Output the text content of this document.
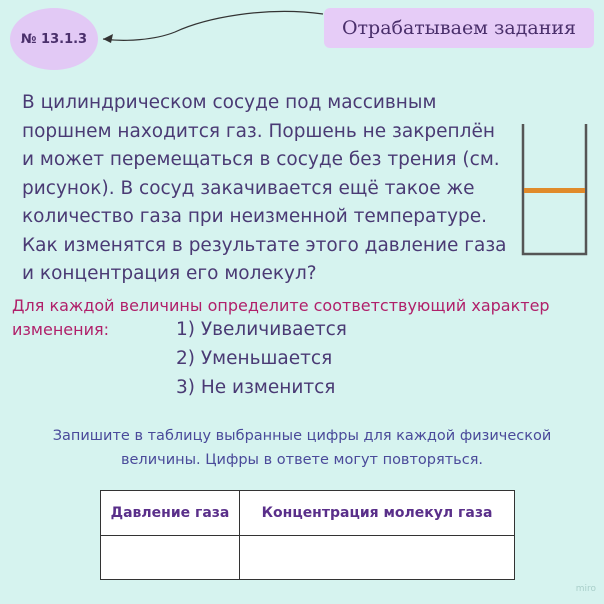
№ 13.1.3	Отрабатываем задания
В цилиндрическом сосуде под массивным
поршнем находится газ. Поршень не закреплён
и может перемещаться в сосуде без трения (см.
рисунок). В сосуд закачивается ещё такое же
количество газа при неизменной температуре.
Как изменятся в результате этого давление газа
и концентрация его молекул?
Для каждой величины определите соответствующий характер
изменения:	1) Увеличивается
2) Уменьшается
3) Не изменится
Запишите в таблицу выбранные цифры для каждой физической
величины. Цифры в ответе могут повторяться.
Давление газа	Концентрация молекул газа

miro
